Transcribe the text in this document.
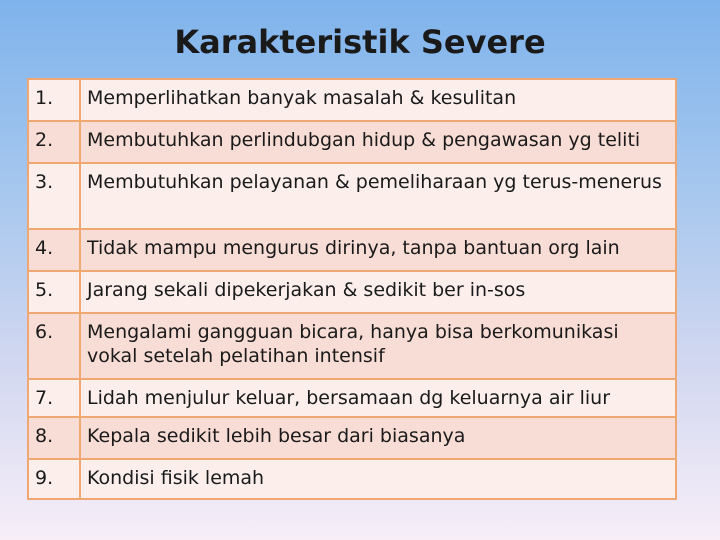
Karakteristik Severe
1.	Memperlihatkan banyak masalah & kesulitan
2.	Membutuhkan perlindubgan hidup & pengawasan yg teliti
3.	Membutuhkan pelayanan & pemeliharaan yg terus-menerus
4.	Tidak mampu mengurus dirinya, tanpa bantuan org lain
5.	Jarang sekali dipekerjakan & sedikit ber in-sos
6.	Mengalami gangguan bicara, hanya bisa berkomunikasi vokal setelah pelatihan intensif
7.	Lidah menjulur keluar, bersamaan dg keluarnya air liur
8.	Kepala sedikit lebih besar dari biasanya
9.	Kondisi fisik lemah
